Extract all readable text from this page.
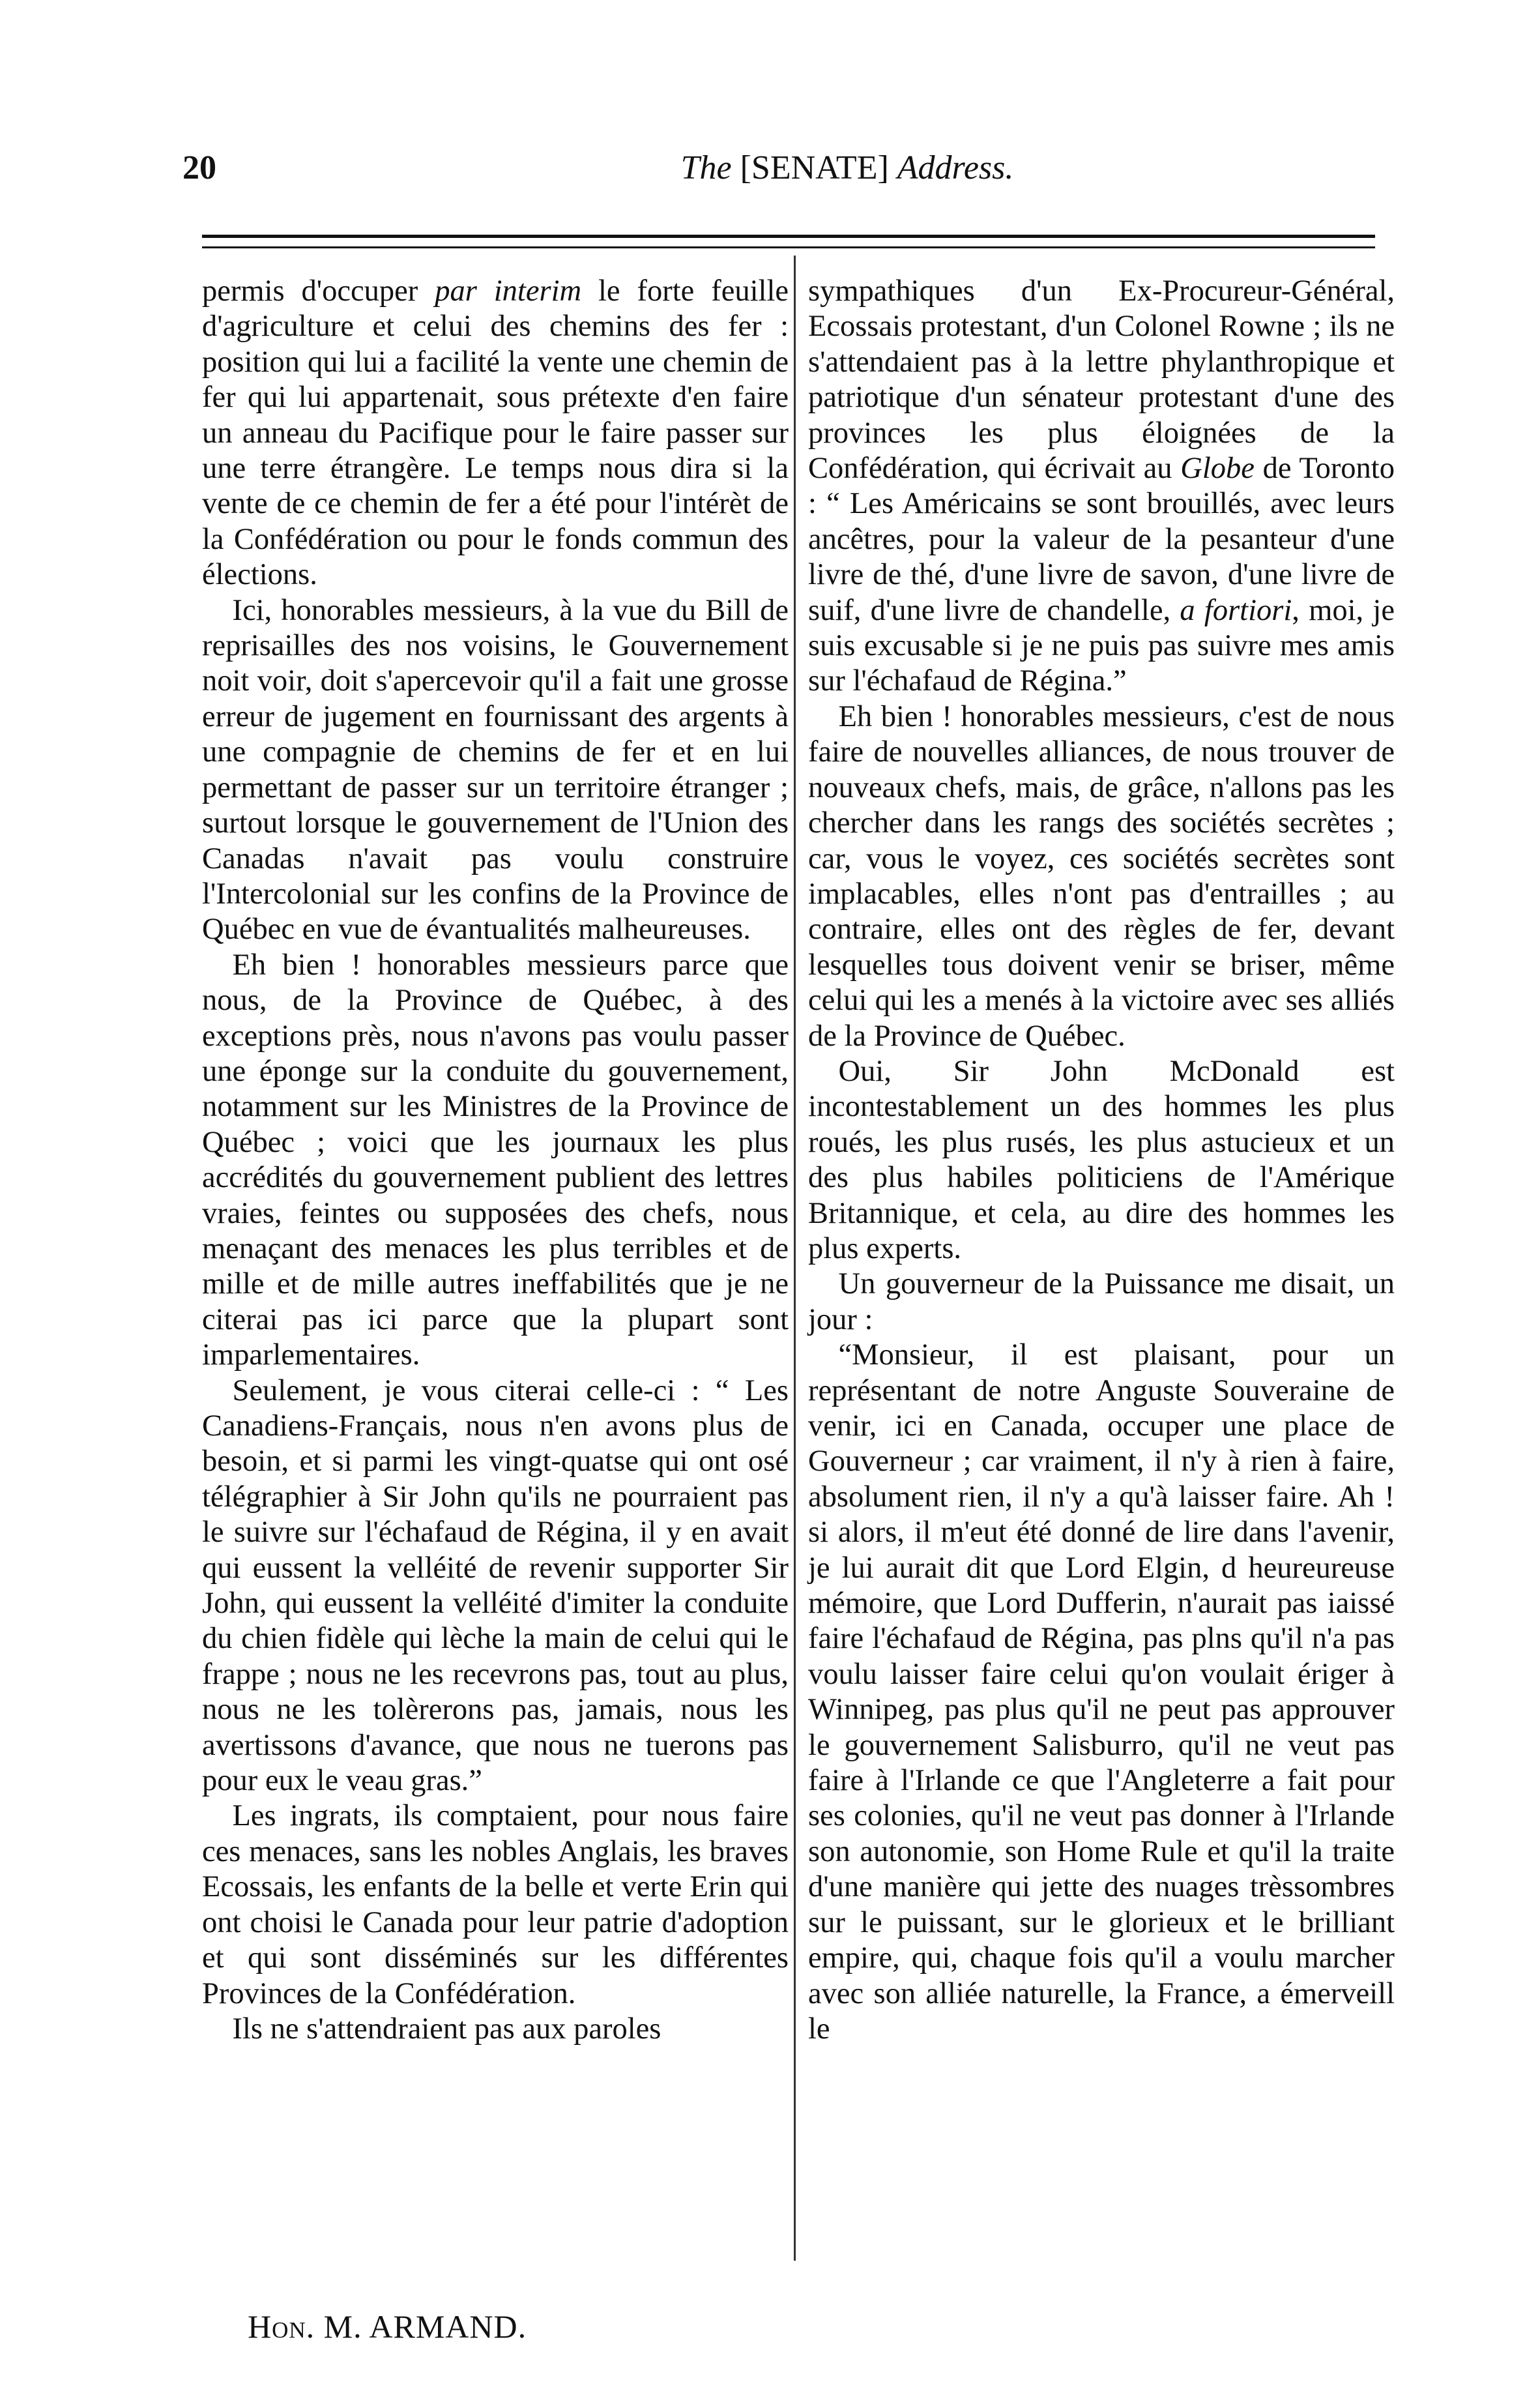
20	The [SENATE] Address.

permis d'occuper par interim le forte feuille d'agriculture et celui des chemins des fer : position qui lui a facilité la vente une chemin de fer qui lui appartenait, sous prétexte d'en faire un anneau du Pacifique pour le faire passer sur une terre étrangère. Le temps nous dira si la vente de ce chemin de fer a été pour l'intérèt de la Confédération ou pour le fonds commun des élections.

Ici, honorables messieurs, à la vue du Bill de reprisailles des nos voisins, le Gouvernement noit voir, doit s'apercevoir qu'il a fait une grosse erreur de jugement en fournissant des argents à une compagnie de chemins de fer et en lui permettant de passer sur un territoire étranger ; surtout lorsque le gouvernement de l'Union des Canadas n'avait pas voulu construire l'Intercolonial sur les confins de la Province de Québec en vue de évantualités malheureuses.

Eh bien ! honorables messieurs parce que nous, de la Province de Québec, à des exceptions près, nous n'avons pas voulu passer une éponge sur la conduite du gouvernement, notamment sur les Ministres de la Province de Québec ; voici que les journaux les plus accrédités du gouvernement publient des lettres vraies, feintes ou supposées des chefs, nous menaçant des menaces les plus terribles et de mille et de mille autres ineffabilités que je ne citerai pas ici parce que la plupart sont imparlementaires.

Seulement, je vous citerai celle-ci : “ Les Canadiens-Français, nous n'en avons plus de besoin, et si parmi les vingt-quatse qui ont osé télégraphier à Sir John qu'ils ne pourraient pas le suivre sur l'échafaud de Régina, il y en avait qui eussent la velléité de revenir supporter Sir John, qui eussent la velléité d'imiter la conduite du chien fidèle qui lèche la main de celui qui le frappe ; nous ne les recevrons pas, tout au plus, nous ne les tolèrerons pas, jamais, nous les avertissons d'avance, que nous ne tuerons pas pour eux le veau gras.”

Les ingrats, ils comptaient, pour nous faire ces menaces, sans les nobles Anglais, les braves Ecossais, les enfants de la belle et verte Erin qui ont choisi le Canada pour leur patrie d'adoption et qui sont disséminés sur les différentes Provinces de la Confédération.

Ils ne s'attendraient pas aux paroles

sympathiques d'un Ex-Procureur-Général, Ecossais protestant, d'un Colonel Rowne ; ils ne s'attendaient pas à la lettre phylanthropique et patriotique d'un sénateur protestant d'une des provinces les plus éloignées de la Confédération, qui écrivait au Globe de Toronto : “ Les Américains se sont brouillés, avec leurs ancêtres, pour la valeur de la pesanteur d'une livre de thé, d'une livre de savon, d'une livre de suif, d'une livre de chandelle, a fortiori, moi, je suis excusable si je ne puis pas suivre mes amis sur l'échafaud de Régina.”

Eh bien ! honorables messieurs, c'est de nous faire de nouvelles alliances, de nous trouver de nouveaux chefs, mais, de grâce, n'allons pas les chercher dans les rangs des sociétés secrètes ; car, vous le voyez, ces sociétés secrètes sont implacables, elles n'ont pas d'entrailles ; au contraire, elles ont des règles de fer, devant lesquelles tous doivent venir se briser, même celui qui les a menés à la victoire avec ses alliés de la Province de Québec.

Oui, Sir John McDonald est incontestablement un des hommes les plus roués, les plus rusés, les plus astucieux et un des plus habiles politiciens de l'Amérique Britannique, et cela, au dire des hommes les plus experts.

Un gouverneur de la Puissance me disait, un jour :

“Monsieur, il est plaisant, pour un représentant de notre Anguste Souveraine de venir, ici en Canada, occuper une place de Gouverneur ; car vraiment, il n'y à rien à faire, absolument rien, il n'y a qu'à laisser faire. Ah ! si alors, il m'eut été donné de lire dans l'avenir, je lui aurait dit que Lord Elgin, d heureureuse mémoire, que Lord Dufferin, n'aurait pas iaissé faire l'échafaud de Régina, pas plns qu'il n'a pas voulu laisser faire celui qu'on voulait ériger à Winnipeg, pas plus qu'il ne peut pas approuver le gouvernement Salisburro, qu'il ne veut pas faire à l'Irlande ce que l'Angleterre a fait pour ses colonies, qu'il ne veut pas donner à l'Irlande son autonomie, son Home Rule et qu'il la traite d'une manière qui jette des nuages trèssombres sur le puissant, sur le glorieux et le brilliant empire, qui, chaque fois qu'il a voulu marcher avec son alliée naturelle, la France, a émerveill le

Hon. M. ARMAND.
